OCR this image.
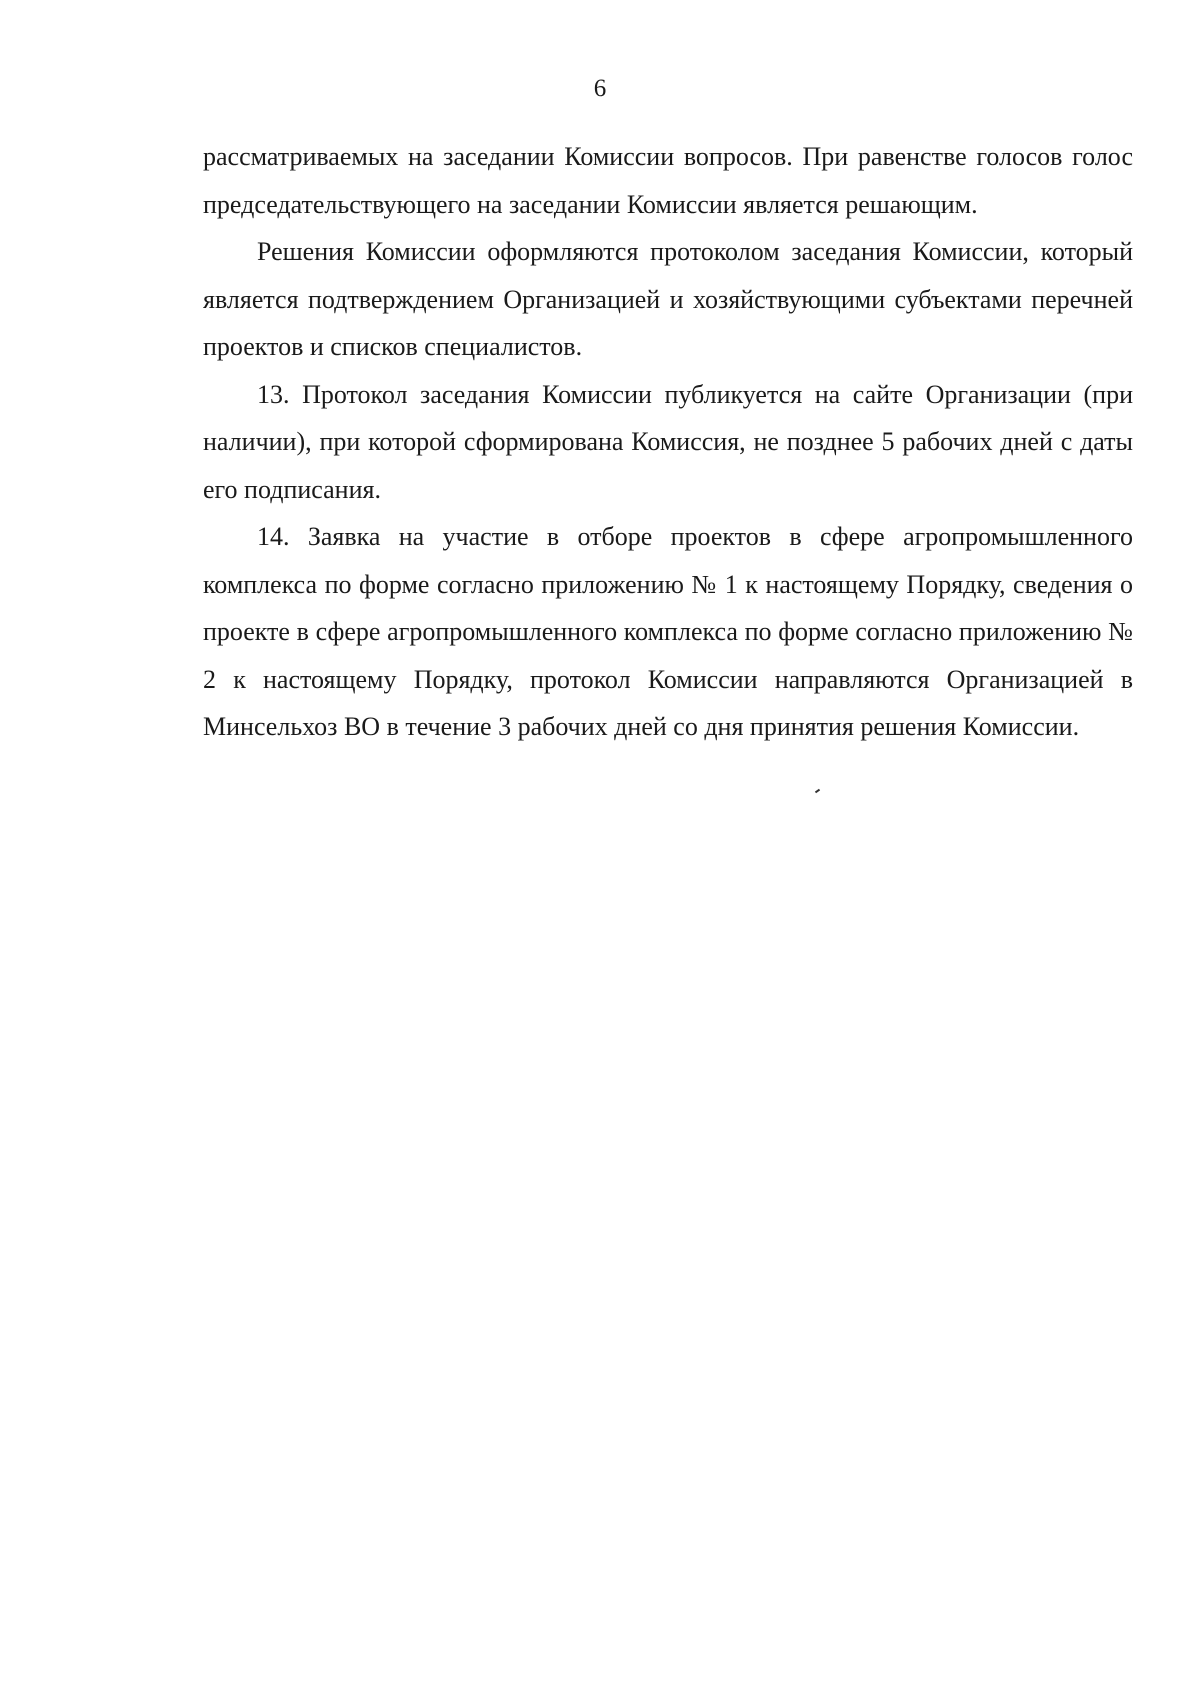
6

рассматриваемых на заседании Комиссии вопросов. При равенстве голосов голос председательствующего на заседании Комиссии является решающим.

Решения Комиссии оформляются протоколом заседания Комиссии, который является подтверждением Организацией и хозяйствующими субъектами перечней проектов и списков специалистов.

13. Протокол заседания Комиссии публикуется на сайте Организации (при наличии), при которой сформирована Комиссия, не позднее 5 рабочих дней с даты его подписания.

14. Заявка на участие в отборе проектов в сфере агропромышленного комплекса по форме согласно приложению № 1 к настоящему Порядку, сведения о проекте в сфере агропромышленного комплекса по форме согласно приложению № 2 к настоящему Порядку, протокол Комиссии направляются Организацией в Минсельхоз ВО в течение 3 рабочих дней со дня принятия решения Комиссии.
